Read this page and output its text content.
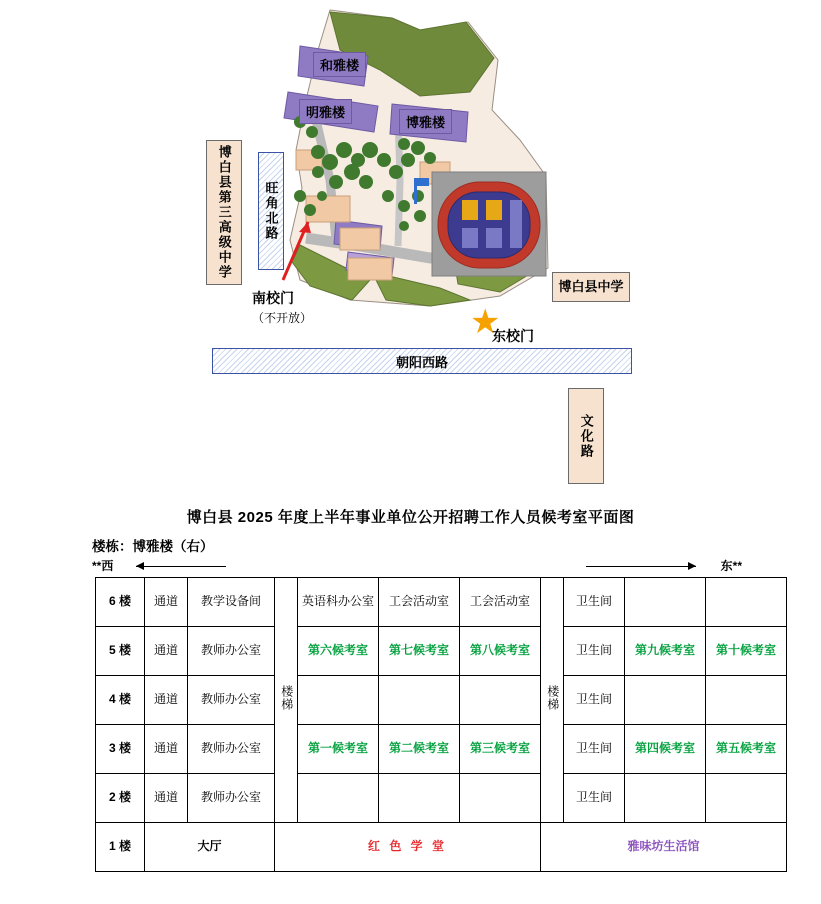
和雅楼
明雅楼
博雅楼
博白县第三高级中学	旺角北路
南校门
（不开放）	★
东校门
博白县中学
朝阳西路
文化路
博白县 2025 年度上半年事业单位公开招聘工作人员候考室平面图
楼栋：博雅楼（右）
**西	东**
6 楼	通道	教学设备间	楼梯	英语科办公室	工会活动室	工会活动室	楼梯	卫生间		
5 楼	通道	教师办公室		第六候考室	第七候考室	第八候考室		卫生间	第九候考室	第十候考室
4 楼	通道	教师办公室						卫生间		
3 楼	通道	教师办公室		第一候考室	第二候考室	第三候考室		卫生间	第四候考室	第五候考室
2 楼	通道	教师办公室						卫生间		
1 楼	大厅		红 色 学 堂				雅味坊生活馆			
